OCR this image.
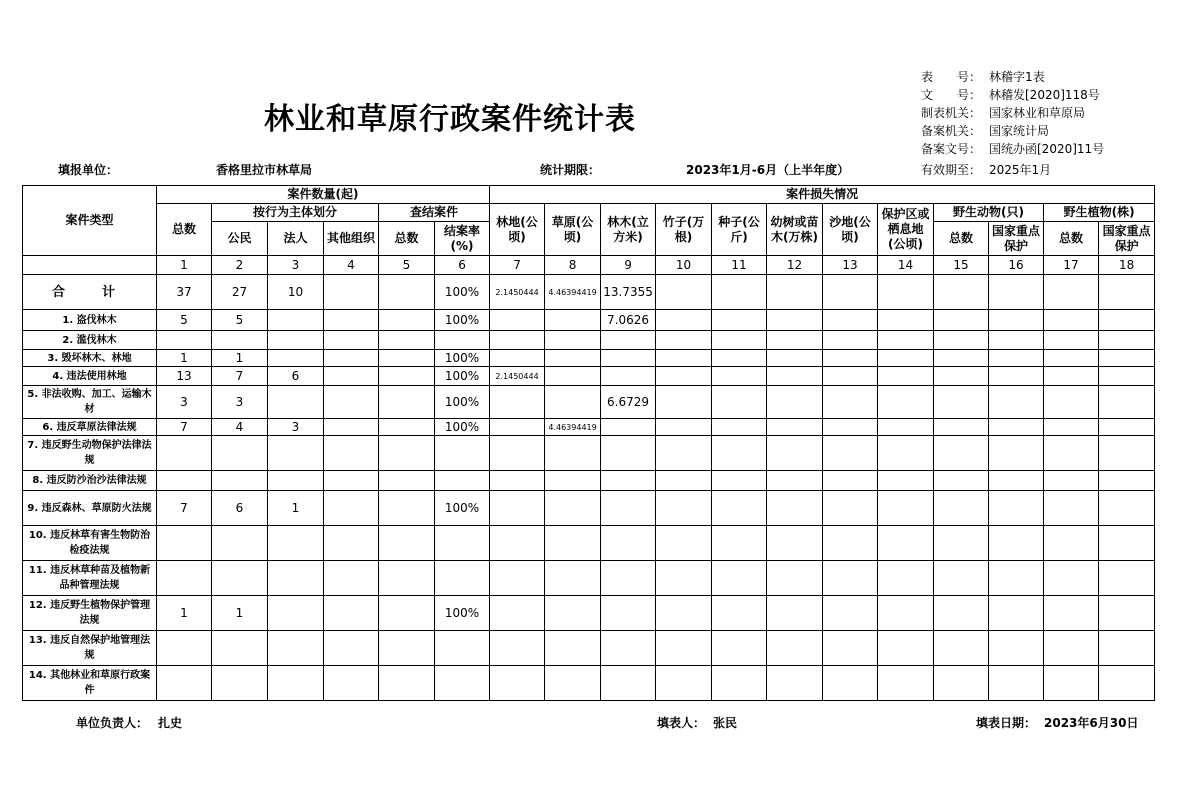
林业和草原行政案件统计表
表　　号： 林稽字1表
文　　号： 林稽发[2020]118号
制表机关： 国家林业和草原局
备案机关： 国家统计局
备案文号： 国统办函[2020]11号
填报单位：	香格里拉市林草局	统计期限：	2023年1月-6月（上半年度）	有效期至： 2025年1月
案件类型	案件数量(起)						案件损失情况											
	总数	按行为主体划分			查结案件		林地(公顷)	草原(公顷)	林木(立方米)	竹子(万根)	种子(公斤)	幼树或苗木(万株)	沙地(公顷)	保护区或栖息地(公顷)	野生动物(只)		野生植物(株)	
		公民	法人	其他组织	总数	结案率(%)									总数	国家重点保护	总数	国家重点保护
	1	2	3	4	5	6	7	8	9	10	11	12	13	14	15	16	17	18
合　计	37	27	10			100%	2.1450444	4.46394419	13.7355									
1. 盗伐林木	5	5				100%			7.0626									
2. 滥伐林木																		
3. 毁坏林木、林地	1	1				100%												
4. 违法使用林地	13	7	6			100%	2.1450444											
5. 非法收购、加工、运输木材	3	3				100%			6.6729									
6. 违反草原法律法规	7	4	3			100%		4.46394419										
7. 违反野生动物保护法律法规																		
8. 违反防沙治沙法律法规																		
9. 违反森林、草原防火法规	7	6	1			100%												
10. 违反林草有害生物防治检疫法规																		
11. 违反林草种苗及植物新品种管理法规																		
12. 违反野生植物保护管理法规	1	1				100%												
13. 违反自然保护地管理法规																		
14. 其他林业和草原行政案件																		
单位负责人： 扎史	填表人： 张民	填表日期： 2023年6月30日
